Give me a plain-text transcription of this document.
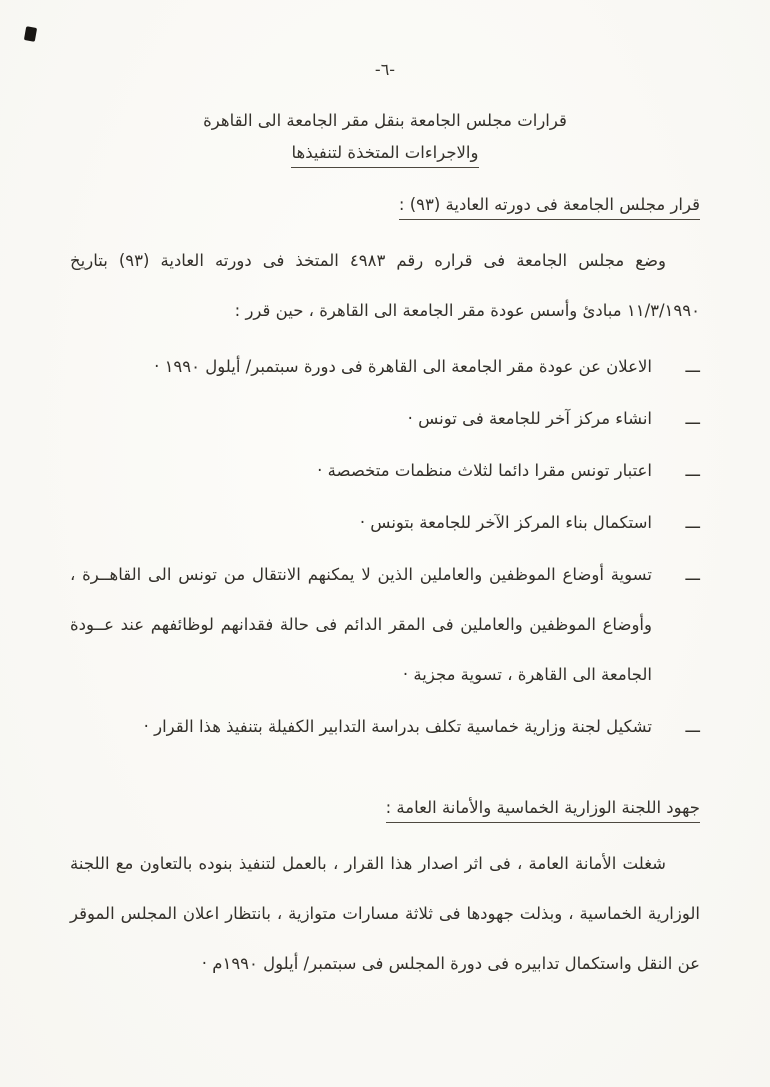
-٦-
قرارات مجلس الجامعة بنقل مقر الجامعة الى القاهرة
والاجراءات المتخذة لتنفيذها
قرار مجلس الجامعة فى دورته العادية (٩٣) :

وضع مجلس الجامعة فى قراره رقم ٤٩٨٣ المتخذ فى دورته العادية (٩٣) بتاريخ ١١/٣/١٩٩٠ مبادئ وأسس عودة مقر الجامعة الى القاهرة ، حين قرر :

ـــ
الاعلان عن عودة مقر الجامعة الى القاهرة فى دورة سبتمبر/ أيلول ١٩٩٠ ·
ـــ
انشاء مركز آخر للجامعة فى تونس ·
ـــ
اعتبار تونس مقرا دائما لثلاث منظمات متخصصة ·
ـــ
استكمال بناء المركز الآخر للجامعة بتونس ·
ـــ
تسوية أوضاع الموظفين والعاملين الذين لا يمكنهم الانتقال من تونس الى القاهــرة ، وأوضاع الموظفين والعاملين فى المقر الدائم فى حالة فقدانهم لوظائفهم عند عــودة الجامعة الى القاهرة ، تسوية مجزية ·
ـــ
تشكيل لجنة وزارية خماسية تكلف بدراسة التدابير الكفيلة بتنفيذ هذا القرار ·
جهود اللجنة الوزارية الخماسية والأمانة العامة :

شغلت الأمانة العامة ، فى اثر اصدار هذا القرار ، بالعمل لتنفيذ بنوده بالتعاون مع اللجنة الوزارية الخماسية ، وبذلت جهودها فى ثلاثة مسارات متوازية ، بانتظار اعلان المجلس الموقر عن النقل واستكمال تدابيره فى دورة المجلس فى سبتمبر/ أيلول ١٩٩٠م ·
